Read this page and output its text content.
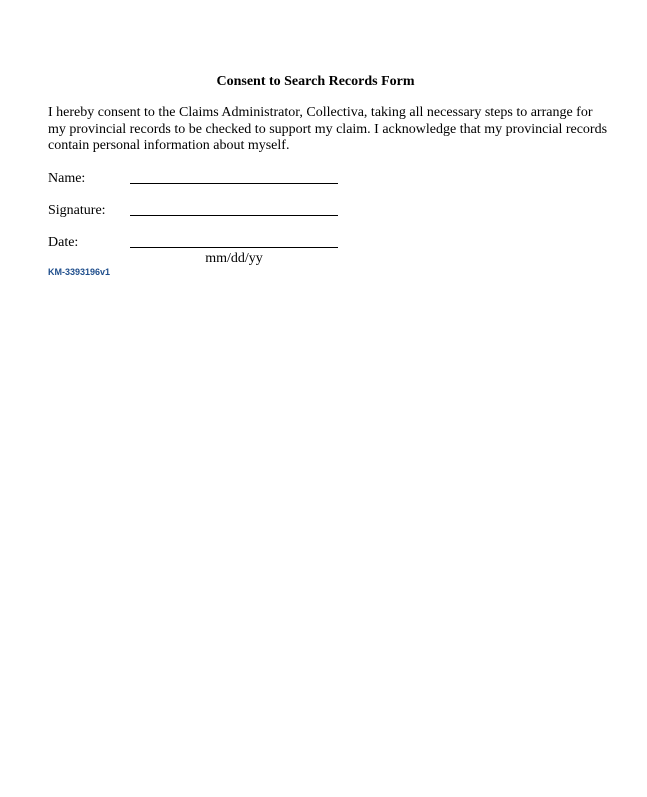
Consent to Search Records Form
I hereby consent to the Claims Administrator, Collectiva, taking all necessary steps to arrange for my provincial records to be checked to support my claim. I acknowledge that my provincial records contain personal information about myself.
Name:
Signature:
Date:
mm/dd/yy
KM-3393196v1
